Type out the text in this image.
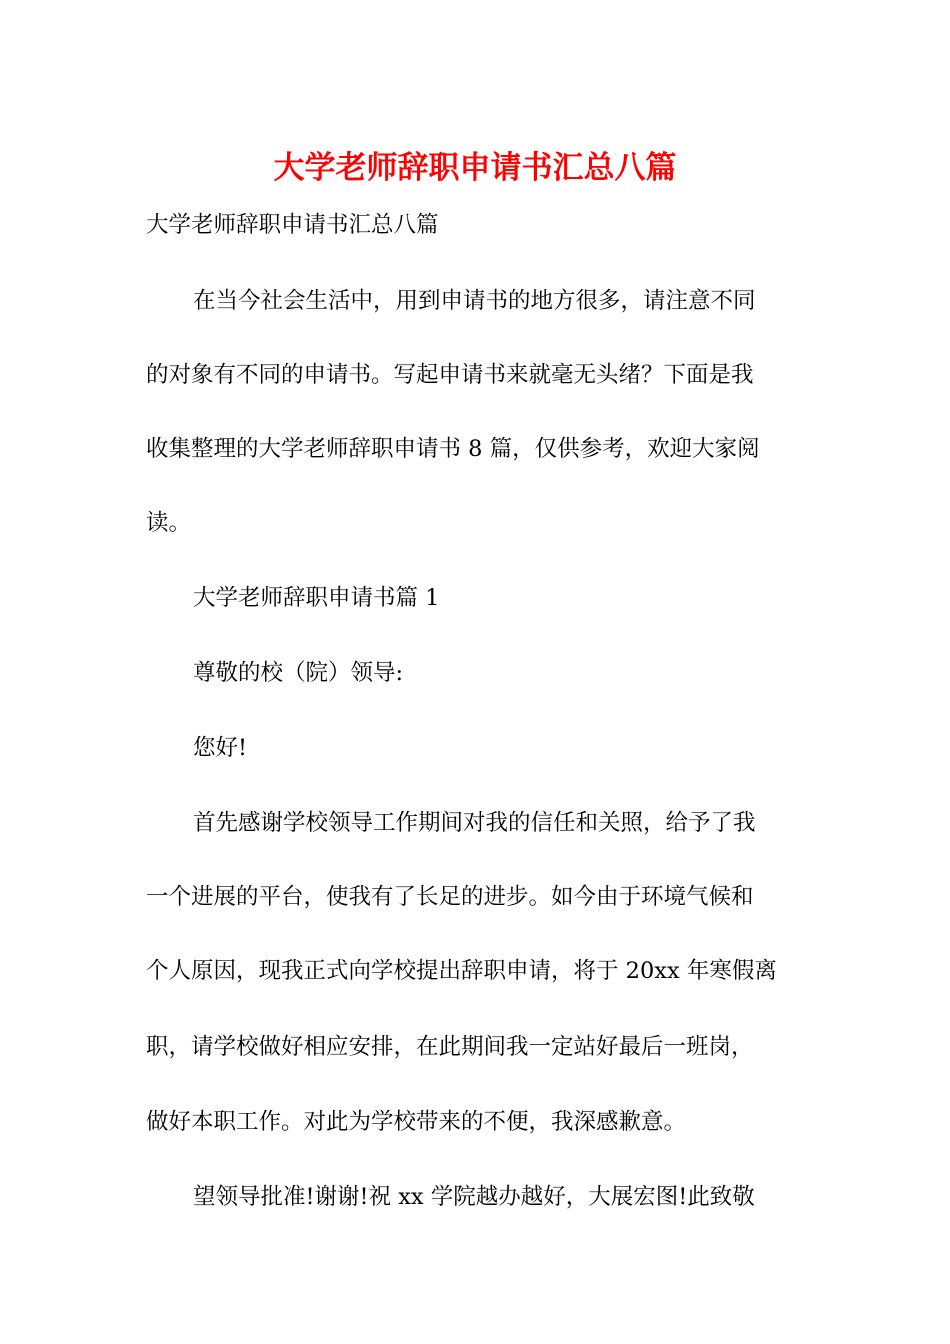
大学老师辞职申请书汇总八篇
大学老师辞职申请书汇总八篇
在当今社会生活中，用到申请书的地方很多，请注意不同
的对象有不同的申请书。写起申请书来就毫无头绪？下面是我
收集整理的大学老师辞职申请书 8 篇，仅供参考，欢迎大家阅
读。
大学老师辞职申请书篇 1
尊敬的校（院）领导:
您好!
首先感谢学校领导工作期间对我的信任和关照，给予了我
一个进展的平台，使我有了长足的进步。如今由于环境气候和
个人原因，现我正式向学校提出辞职申请，将于 20xx 年寒假离
职，请学校做好相应安排，在此期间我一定站好最后一班岗，
做好本职工作。对此为学校带来的不便，我深感歉意。
望领导批准!谢谢!祝 xx 学院越办越好，大展宏图!此致敬
